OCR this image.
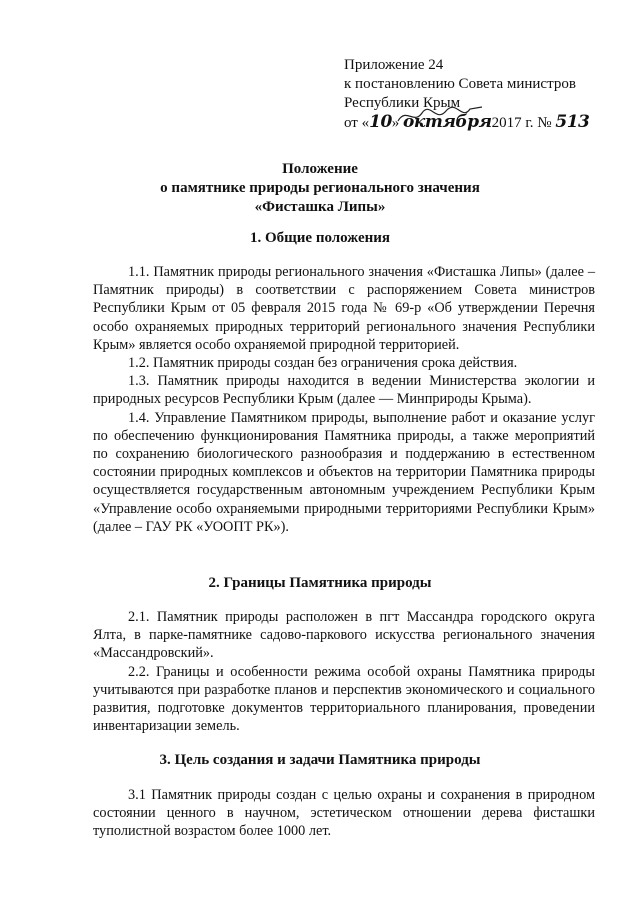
Приложение 24
к постановлению Совета министров
Республики Крым
от «10» октября2017 г. № 513
Положение
о памятнике природы регионального значения
«Фисташка Липы»
1. Общие положения

1.1. Памятник природы регионального значения «Фисташка Липы» (далее – Памятник природы) в соответствии с распоряжением Совета министров Республики Крым от 05 февраля 2015 года № 69-р «Об утверждении Перечня особо охраняемых природных территорий регионального значения Республики Крым» является особо охраняемой природной территорией.

1.2. Памятник природы создан без ограничения срока действия.

1.3. Памятник природы находится в ведении Министерства экологии и природных ресурсов Республики Крым (далее — Минприроды Крыма).

1.4. Управление Памятником природы, выполнение работ и оказание услуг по обеспечению функционирования Памятника природы, а также мероприятий по сохранению биологического разнообразия и поддержанию в естественном состоянии природных комплексов и объектов на территории Памятника природы осуществляется государственным автономным учреждением Республики Крым «Управление особо охраняемыми природными территориями Республики Крым» (далее – ГАУ РК «УООПТ РК»).

2. Границы Памятника природы

2.1. Памятник природы расположен в пгт Массандра городского округа Ялта, в парке-памятнике садово-паркового искусства регионального значения «Массандровский».

2.2. Границы и особенности режима особой охраны Памятника природы учитываются при разработке планов и перспектив экономического и социального развития, подготовке документов территориального планирования, проведении инвентаризации земель.

3. Цель создания и задачи Памятника природы

3.1 Памятник природы создан с целью охраны и сохранения в природном состоянии ценного в научном, эстетическом отношении дерева фисташки туполистной возрастом более 1000 лет.
